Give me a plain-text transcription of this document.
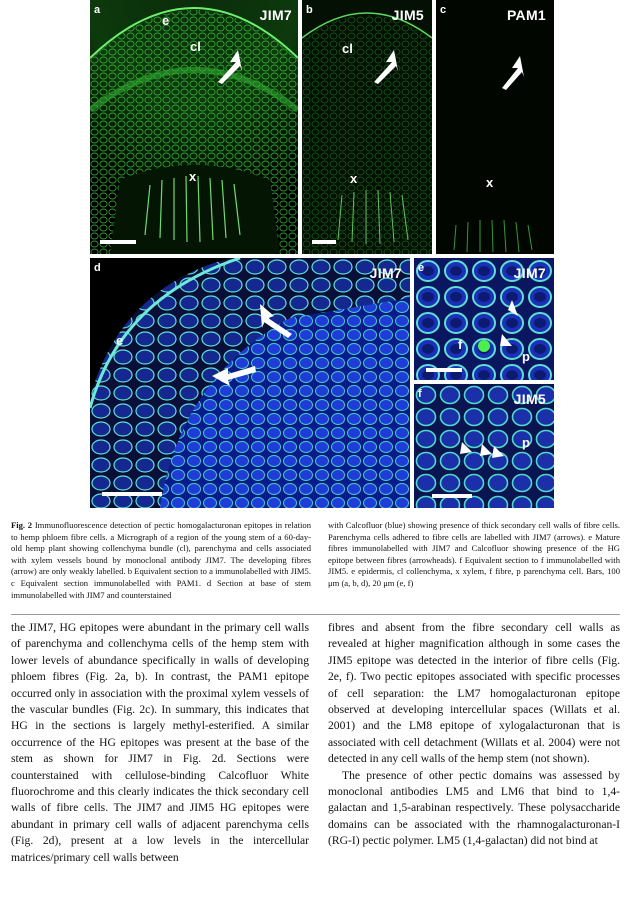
a	JIM7
e
cl
x
b	JIM5
cl
x
c	PAM1
x
d	JIM7
e
e	JIM7
f
p
f	JIM5
p
Fig. 2 Immunofluorescence detection of pectic homogalacturonan epitopes in relation to hemp phloem fibre cells. a Micrograph of a region of the young stem of a 60-day-old hemp plant showing collenchyma bundle (cl), parenchyma and cells associated with xylem vessels bound by monoclonal antibody JIM7. The developing fibres (arrow) are only weakly labelled. b Equivalent section to a immunolabelled with JIM5. c Equivalent section immunolabelled with PAM1. d Section at base of stem immunolabelled with JIM7 and counterstained
with Calcofluor (blue) showing presence of thick secondary cell walls of fibre cells. Parenchyma cells adhered to fibre cells are labelled with JIM7 (arrows). e Mature fibres immunolabelled with JIM7 and Calcofluor showing presence of the HG epitope between fibres (arrowheads). f Equivalent section to f immunolabelled with JIM5. e epidermis, cl collenchyma, x xylem, f fibre, p parenchyma cell. Bars, 100 μm (a, b, d), 20 μm (e, f)

the JIM7, HG epitopes were abundant in the primary cell walls of parenchyma and collenchyma cells of the hemp stem with lower levels of abundance specifically in walls of developing phloem fibres (Fig. 2a, b). In contrast, the PAM1 epitope occurred only in association with the proximal xylem vessels of the vascular bundles (Fig. 2c). In summary, this indicates that HG in the sections is largely methyl-esterified. A similar occurrence of the HG epitopes was present at the base of the stem as shown for JIM7 in Fig. 2d. Sections were counterstained with cellulose-binding Calcofluor White fluorochrome and this clearly indicates the thick secondary cell walls of fibre cells. The JIM7 and JIM5 HG epitopes were abundant in primary cell walls of adjacent parenchyma cells (Fig. 2d), present at a low levels in the intercellular matrices/primary cell walls between

fibres and absent from the fibre secondary cell walls as revealed at higher magnification although in some cases the JIM5 epitope was detected in the interior of fibre cells (Fig. 2e, f). Two pectic epitopes associated with specific processes of cell separation: the LM7 homogalacturonan epitope observed at developing intercellular spaces (Willats et al. 2001) and the LM8 epitope of xylogalacturonan that is associated with cell detachment (Willats et al. 2004) were not detected in any cell walls of the hemp stem (not shown).

The presence of other pectic domains was assessed by monoclonal antibodies LM5 and LM6 that bind to 1,4-galactan and 1,5-arabinan respectively. These polysaccharide domains can be associated with the rhamnogalacturonan-I (RG-I) pectic polymer. LM5 (1,4-galactan) did not bind at
